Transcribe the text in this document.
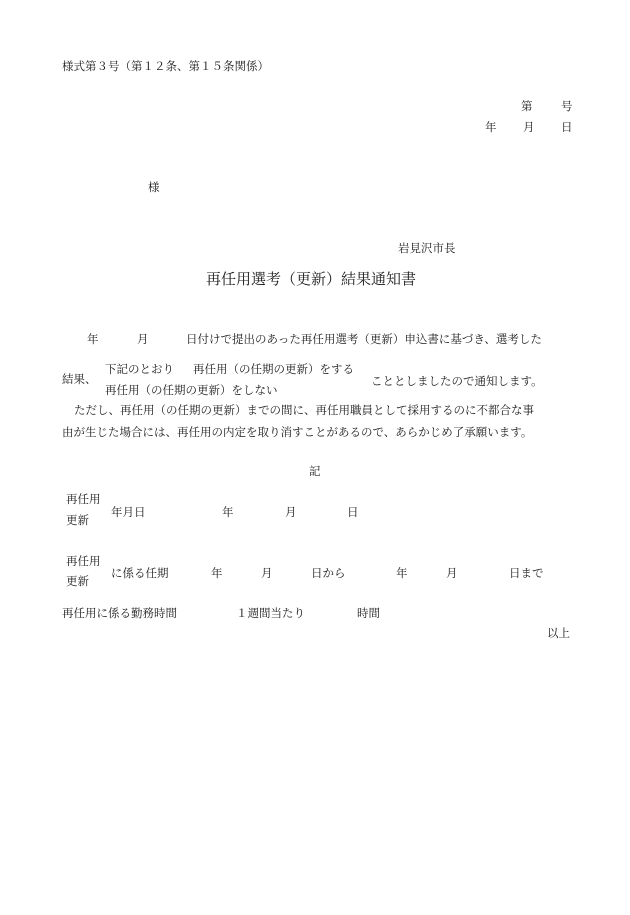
様式第３号（第１２条、第１５条関係）
第 号
年 月 日
様
岩見沢市長
再任用選考（更新）結果通知書
年	月	日付けで提出のあった再任用選考（更新）申込書に基づき、選考した
下記のとおり 再任用（の任期の更新）をする
結果、	こととしましたので通知します。
再任用（の任期の更新）をしない
ただし、再任用（の任期の更新）までの間に、再任用職員として採用するのに不都合な事
由が生じた場合には、再任用の内定を取り消すことがあるので、あらかじめ了承願います。
記
再任用
更新
年月日	年	月	日
再任用
更新
に係る任期	年	月	日から	年	月	日まで
再任用に係る勤務時間	１週間当たり	時間
以上
